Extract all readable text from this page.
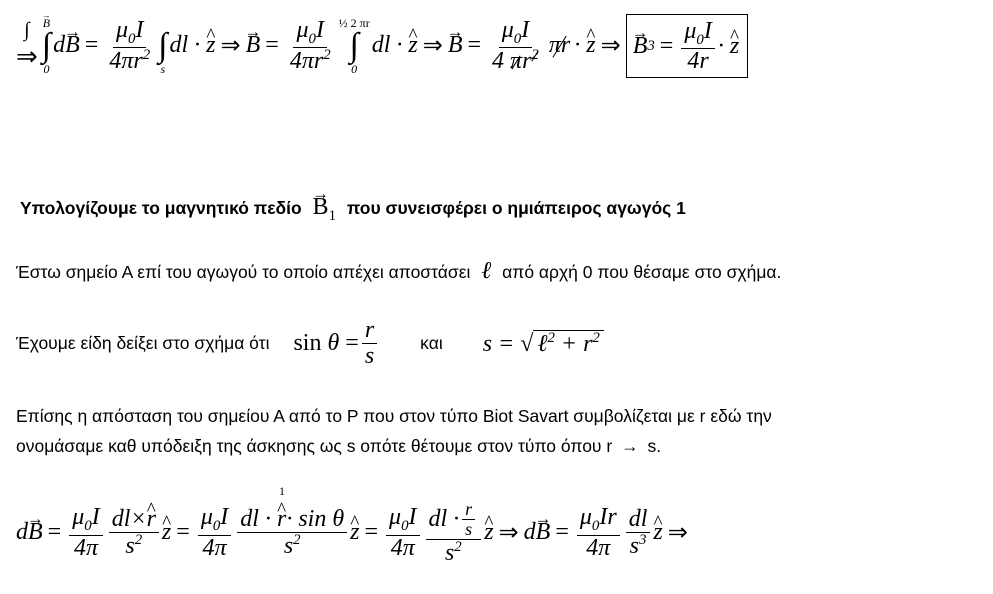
∫
⇒
→ B
∫
0
$d\to B = \frac{\mu_0I}{4\pi r^2}$
∫
s
dl · ^ z ⇒ → $B = \frac{\mu_0I}{4\pi r^2}$ ½ 2 πr
∫
0
dl · ^ z ⇒ → $B = \frac{\mu_0I}{4 \pi r^2}$ πr · ^ z ⇒ → B $3 = \frac{\mu_0I}{4r}$ · ^ z
Υπολογίζουμε το μαγνητικό $\pi\varepsilon\delta ίo \to B_1$ που συνεισφέρει ο ημιάπειρος αγωγός 1
Έστω σημείο Α επί του αγωγού το οποίο απέχει αποστάσει ℓ από αρχή 0 που θέσαμε στο σχήμα.
Έχουμε είδη δείξει στο σχήμα ότι $\sin \theta = \frac{r}{s}$ και s = √ ℓ$^2$ + $r^2$
Επίσης η απόσταση του σημείου Α από το Ρ που στον τύπο Biot Savart συμβολίζεται με r εδώ την
ονομάσαμε καθ υπόδειξη της άσκησης ως s οπότε θέτουμε στον τύπο όπου r → s.
$d\to B = \frac{\mu_0I}{4\pi} \frac{dl\times\^{} r}{s^2}$ ^ $z = \frac{\mu_0I}{4\pi}$ dl · ^ r
1
· sin θ
$s^2$ ^ $z = \frac{\mu_0I}{4\pi} \frac{dl \cdot \frac{r}{s}}{s^2}$ ^ z ⇒ $d\to B = \frac{\mu_0Ir}{4\pi} \frac{dl}{s^3}$ ^ z ⇒
